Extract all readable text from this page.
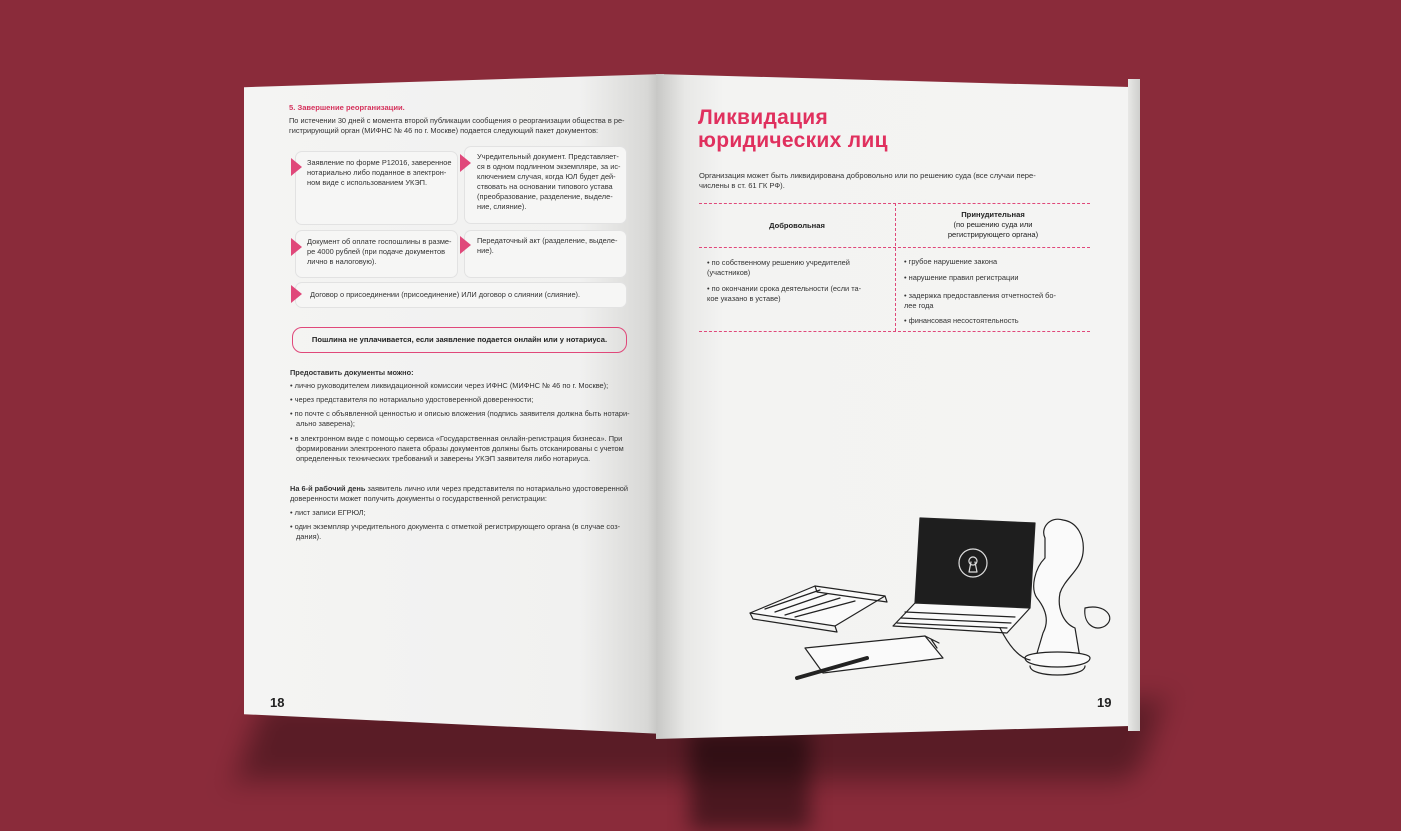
5. Завершение реорганизации.
По истечении 30 дней с момента второй публикации сообщения о реорганизации общества в ре-
гистрирующий орган (МИФНС № 46 по г. Москве) подается следующий пакет документов:
Заявление по форме Р12016, заверенное
нотариально либо поданное в электрон-
ном виде с использованием УКЭП.
Учредительный документ. Представляет-
ся в одном подлинном экземпляре, за ис-
ключением случая, когда ЮЛ будет дей-
ствовать на основании типового устава
(преобразование, разделение, выделе-
ние, слияние).
Документ об оплате госпошлины в разме-
ре 4000 рублей (при подаче документов
лично в налоговую).
Передаточный акт (разделение, выделе-
ние).
Договор о присоединении (присоединение) ИЛИ договор о слиянии (слияние).
Пошлина не уплачивается, если заявление подается онлайн или у нотариуса.
Предоставить документы можно:
• лично руководителем ликвидационной комиссии через ИФНС (МИФНС № 46 по г. Москве);
• через представителя по нотариально удостоверенной доверенности;
• по почте с объявленной ценностью и описью вложения (подпись заявителя должна быть нотари-
ально заверена);
• в электронном виде с помощью сервиса «Государственная онлайн-регистрация бизнеса». При
формировании электронного пакета образы документов должны быть отсканированы с учетом
определенных технических требований и заверены УКЭП заявителя либо нотариуса.
На 6-й рабочий день заявитель лично или через представителя по нотариально удостоверенной
доверенности может получить документы о государственной регистрации:
• лист записи ЕГРЮЛ;
• один экземпляр учредительного документа с отметкой регистрирующего органа (в случае соз-
дания).
18
Ликвидация
юридических лиц
Организация может быть ликвидирована добровольно или по решению суда (все случаи пере-
числены в ст. 61 ГК РФ).
Добровольная
Принудительная
(по решению суда или
регистрирующего органа)
• по собственному решению учредителей
(участников)
• по окончании срока деятельности (если та-
кое указано в уставе)
• грубое нарушение закона
• нарушение правил регистрации
• задержка предоставления отчетностей бо-
лее года
• финансовая несостоятельность
19
